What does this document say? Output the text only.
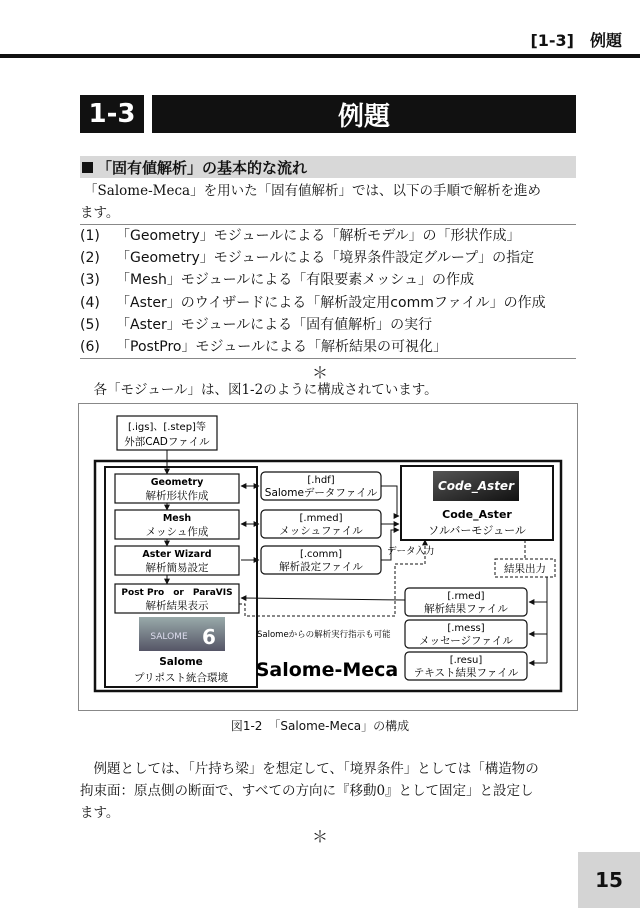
[1-3]　例題
1-3	例題
「固有値解析」の基本的な流れ
「Salome-Meca」を用いた「固有値解析」では、以下の手順で解析を進め
ます。
(1) 「Geometry」モジュールによる「解析モデル」の「形状作成」
(2) 「Geometry」モジュールによる「境界条件設定グループ」の指定
(3) 「Mesh」モジュールによる「有限要素メッシュ」の作成
(4) 「Aster」のウイザードによる「解析設定用commファイル」の作成
(5) 「Aster」モジュールによる「固有値解析」の実行
(6) 「PostPro」モジュールによる「解析結果の可視化」
＊
各「モジュール」は、図1-2のように構成されています。
[.igs]、[.step]等
外部CADファイル
Geometry
解析形状作成
Mesh
メッシュ作成
Aster Wizard
解析簡易設定
Post Pro　or　ParaVIS
解析結果表示
SALOME 6
Salome
プリポスト統合環境
[.hdf]
Salomeデータファイル
[.mmed]
メッシュファイル
[.comm]
解析設定ファイル
Code_Aster
Code_Aster
ソルバーモジュール
データ入力
結果出力
[.rmed]
解析結果ファイル
[.mess]
メッセージファイル
[.resu]
テキスト結果ファイル
Salomeからの解析実行指示も可能
Salome-Meca
図1-2　「Salome-Meca」の構成
例題としては、「片持ち梁」を想定して、「境界条件」としては「構造物の
拘束面：原点側の断面で、すべての方向に『移動0』として固定」と設定し
ます。
＊
15
